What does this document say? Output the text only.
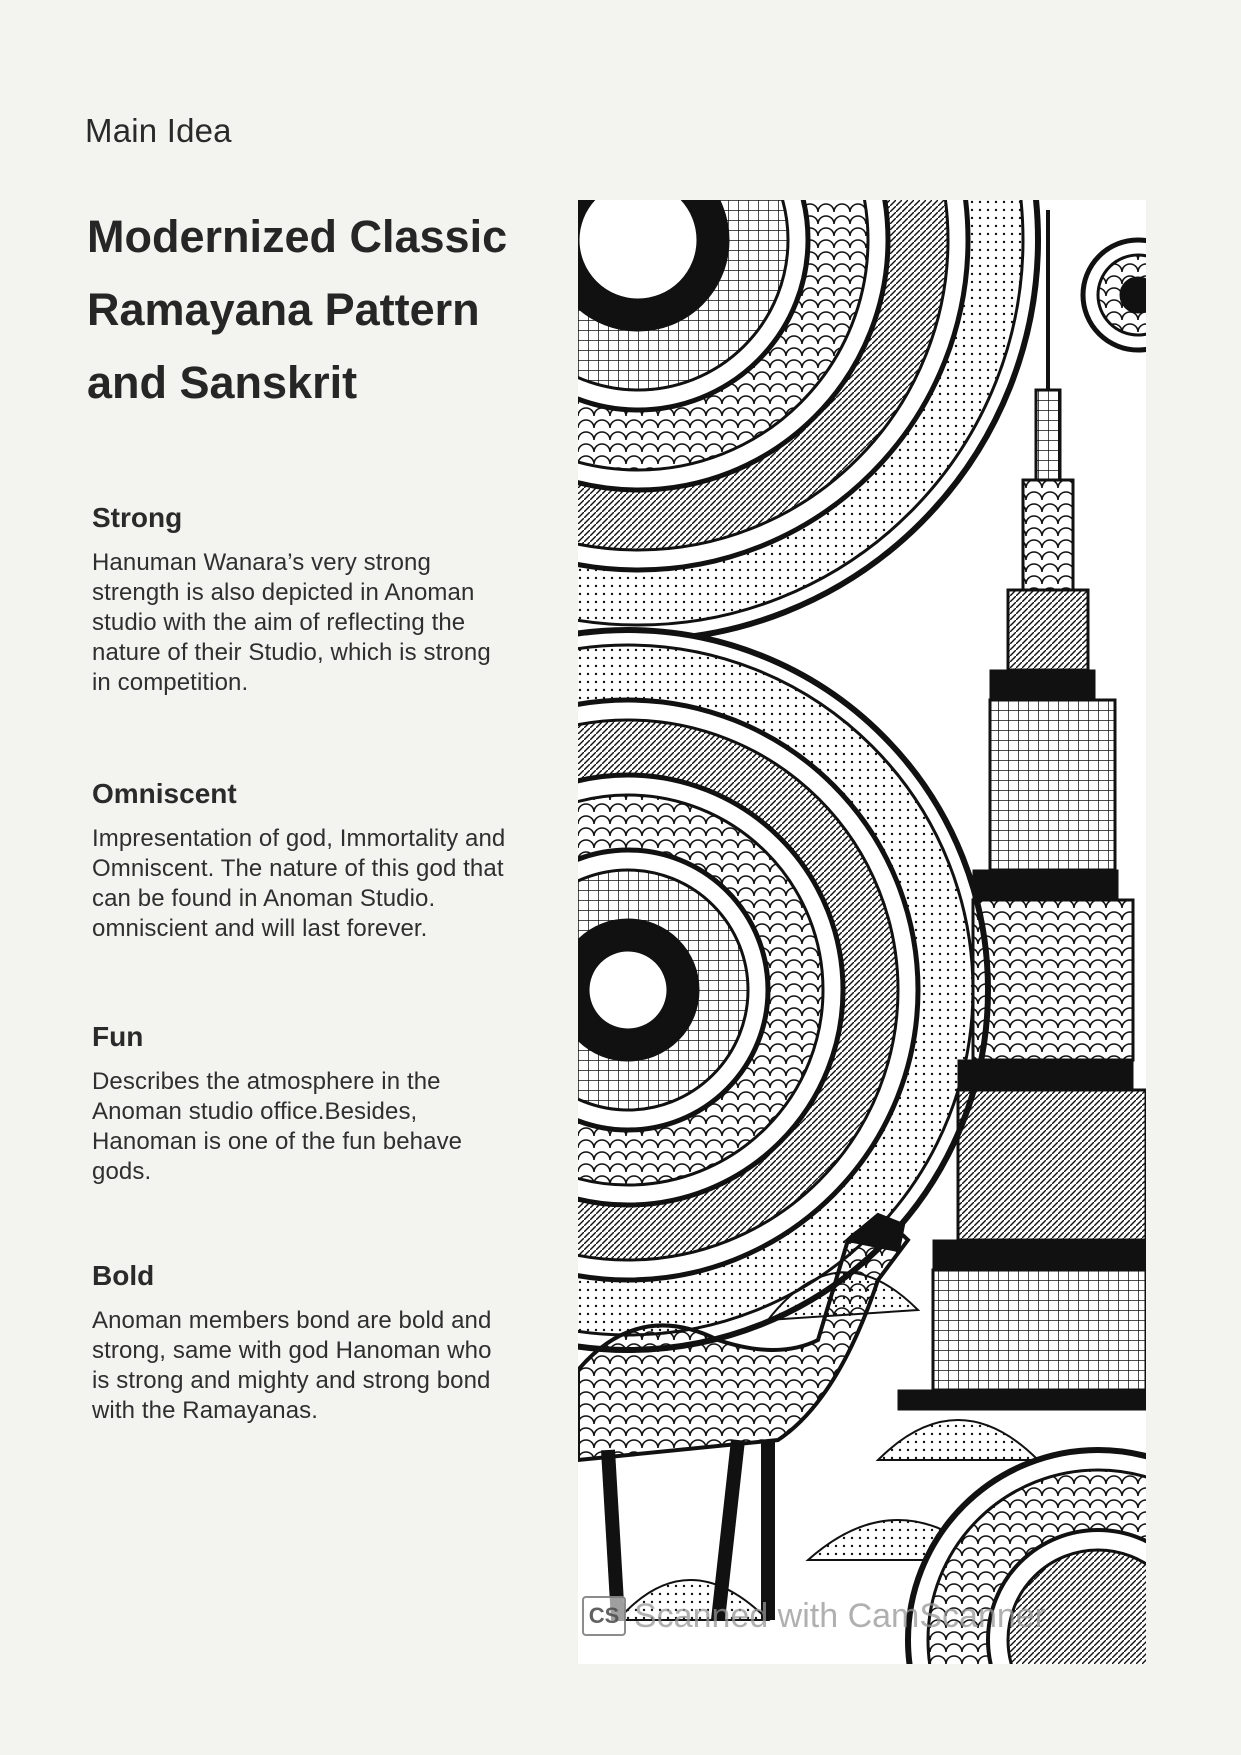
Main Idea
Modernized Classic Ramayana Pattern and Sanskrit
Strong

Hanuman Wanara’s very strong strength is also depicted in Anoman studio with the aim of reflecting the nature of their Studio, which is strong in competition.

Omniscent

Impresentation of god, Immortality and Omniscent. The nature of this god that can be found in Anoman Studio. omniscient and will last forever.

Fun

Describes the atmosphere in the Anoman studio office.Besides, Hanoman is one of the fun behave gods.

Bold

Anoman members bond are bold and strong, same with god Hanoman who is strong and mighty and strong bond with the Ramayanas.

CS Scanned with CamScanner
